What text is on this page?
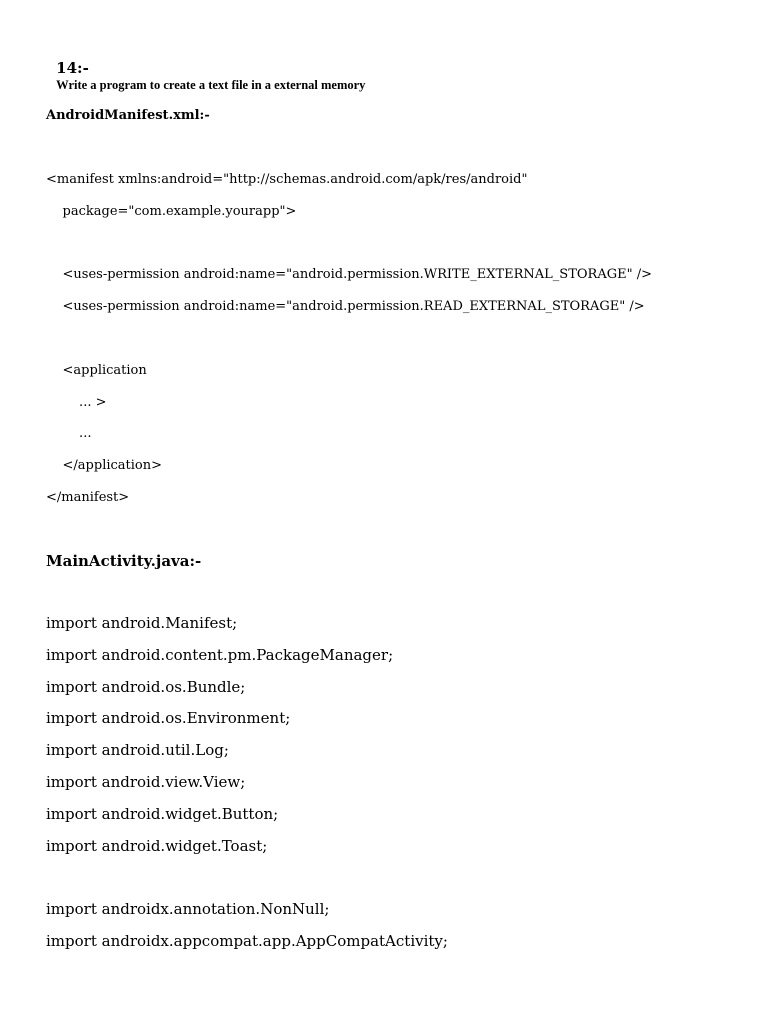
14:-
Write a program to create a text file in a external memory

AndroidManifest.xml:-
<manifest xmlns:android="http://schemas.android.com/apk/res/android"
package="com.example.yourapp">
<uses-permission android:name="android.permission.WRITE_EXTERNAL_STORAGE" />
<uses-permission android:name="android.permission.READ_EXTERNAL_STORAGE" />
<application
... >
...
</application>
</manifest>
MainActivity.java:-
import android.Manifest;
import android.content.pm.PackageManager;
import android.os.Bundle;
import android.os.Environment;
import android.util.Log;
import android.view.View;
import android.widget.Button;
import android.widget.Toast;
import androidx.annotation.NonNull;
import androidx.appcompat.app.AppCompatActivity;
